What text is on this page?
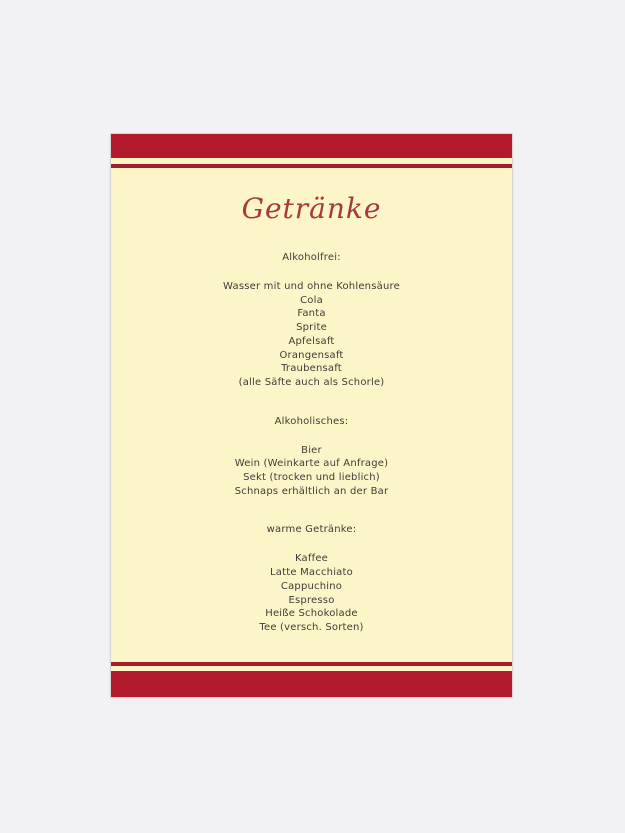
Getränke
Alkoholfrei:
Wasser mit und ohne Kohlensäure
Cola
Fanta
Sprite
Apfelsaft
Orangensaft
Traubensaft
(alle Säfte auch als Schorle)
Alkoholisches:
Bier
Wein (Weinkarte auf Anfrage)
Sekt (trocken und lieblich)
Schnaps erhältlich an der Bar
warme Getränke:
Kaffee
Latte Macchiato
Cappuchino
Espresso
Heiße Schokolade
Tee (versch. Sorten)
